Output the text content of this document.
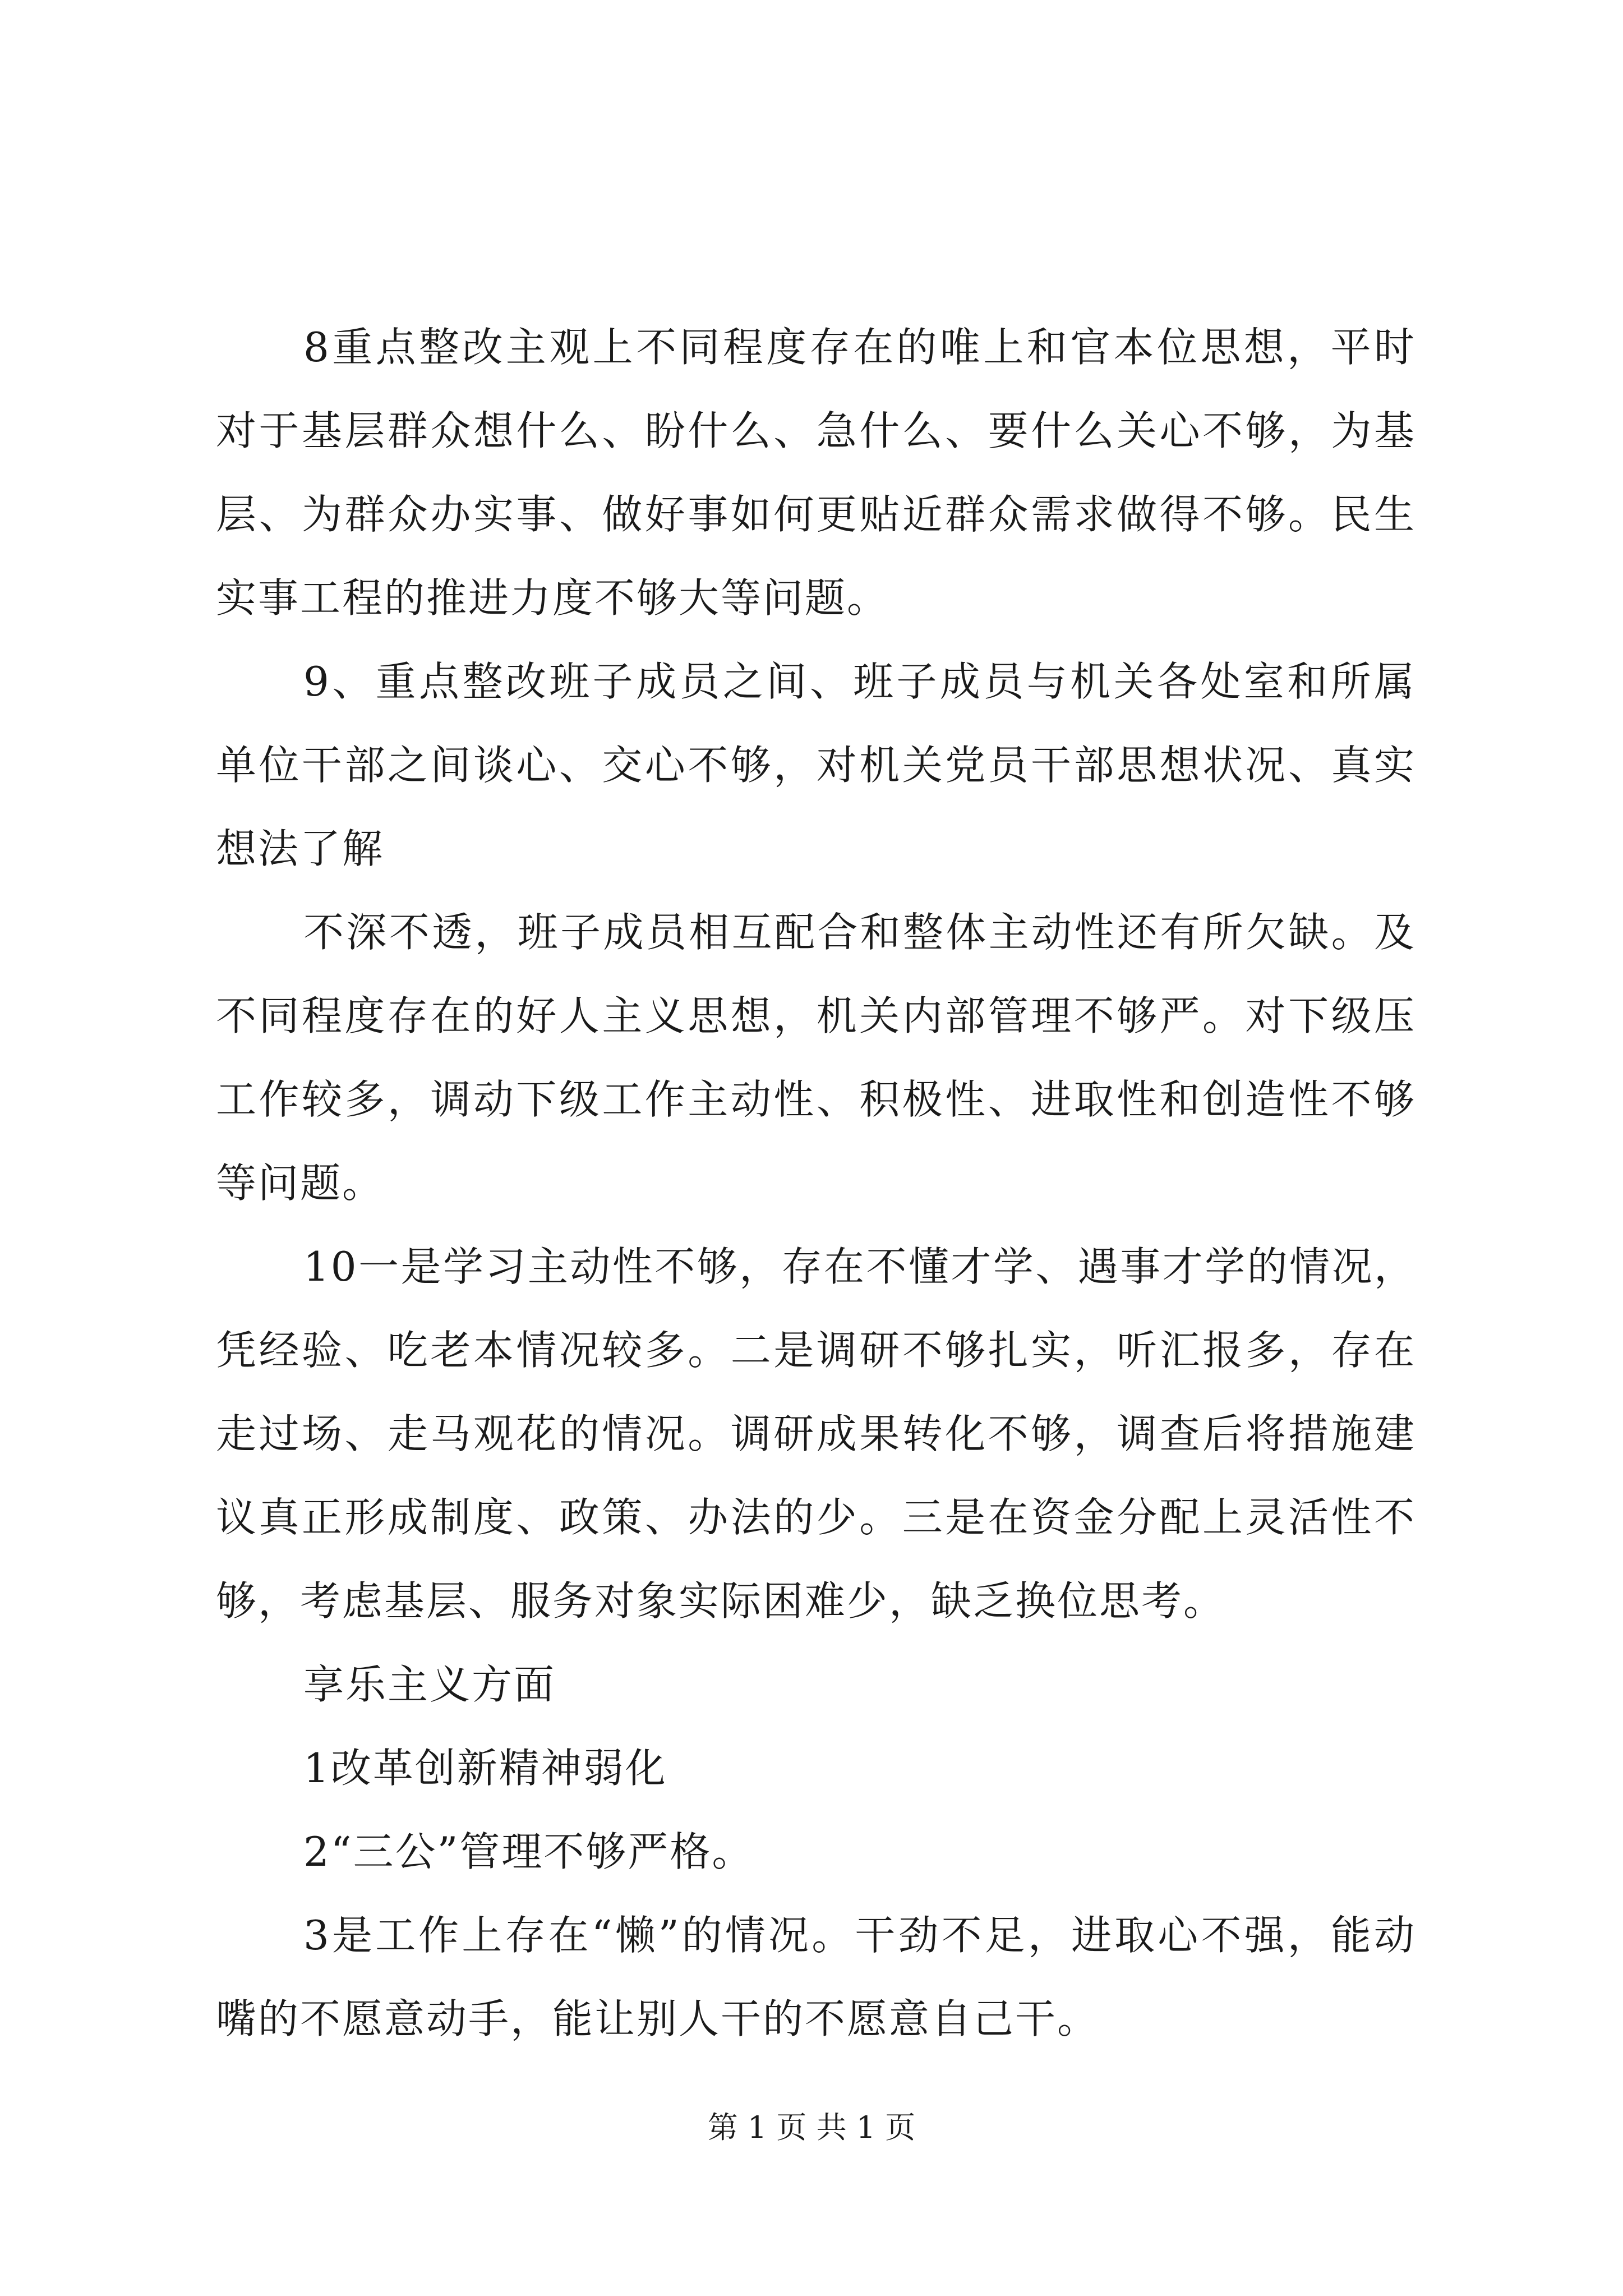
8重点整改主观上不同程度存在的唯上和官本位思想，平时对于基层群众想什么、盼什么、急什么、要什么关心不够，为基层、为群众办实事、做好事如何更贴近群众需求做得不够。民生实事工程的推进力度不够大等问题。

9、重点整改班子成员之间、班子成员与机关各处室和所属单位干部之间谈心、交心不够，对机关党员干部思想状况、真实想法了解

不深不透，班子成员相互配合和整体主动性还有所欠缺。及不同程度存在的好人主义思想，机关内部管理不够严。对下级压工作较多，调动下级工作主动性、积极性、进取性和创造性不够等问题。

10一是学习主动性不够，存在不懂才学、遇事才学的情况，凭经验、吃老本情况较多。二是调研不够扎实，听汇报多，存在走过场、走马观花的情况。调研成果转化不够，调查后将措施建议真正形成制度、政策、办法的少。三是在资金分配上灵活性不够，考虑基层、服务对象实际困难少，缺乏换位思考。

享乐主义方面

1改革创新精神弱化

2“三公”管理不够严格。

3是工作上存在“懒”的情况。干劲不足，进取心不强，能动嘴的不愿意动手，能让别人干的不愿意自己干。

第 1 页 共 1 页
